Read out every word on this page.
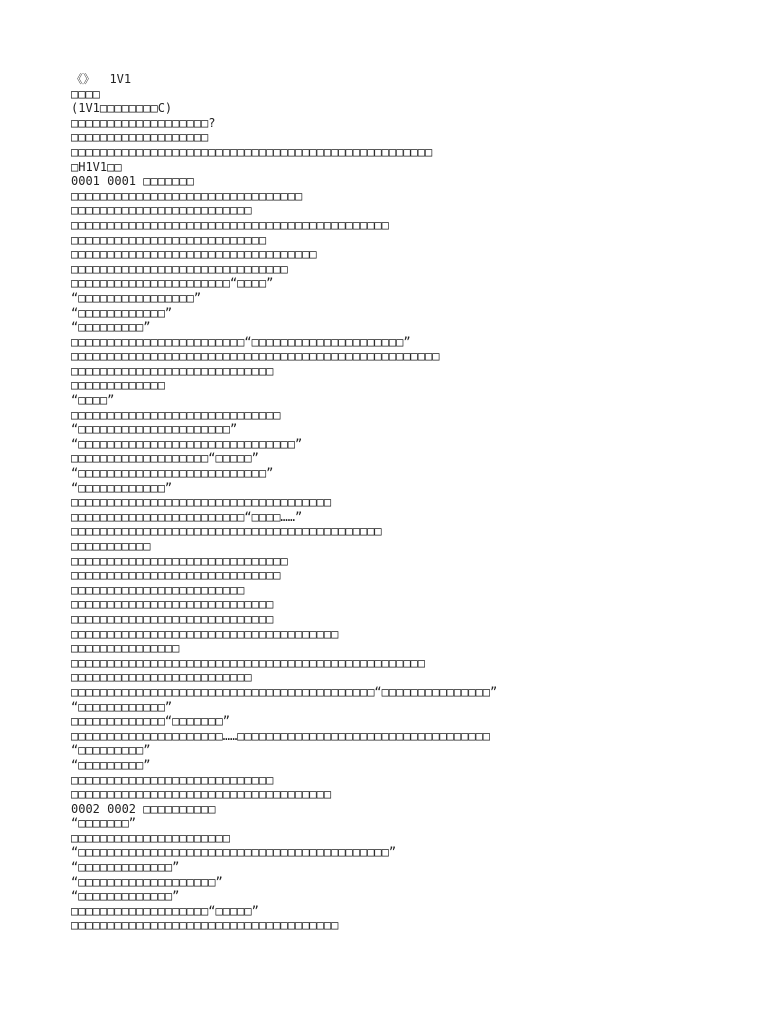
《》  1V1
□□□□
(1V1□□□□□□□□C)
□□□□□□□□□□□□□□□□□□□?
□□□□□□□□□□□□□□□□□□□
□□□□□□□□□□□□□□□□□□□□□□□□□□□□□□□□□□□□□□□□□□□□□□□□□□
□H1V1□□
0001 0001 □□□□□□□
□□□□□□□□□□□□□□□□□□□□□□□□□□□□□□□□
□□□□□□□□□□□□□□□□□□□□□□□□□
□□□□□□□□□□□□□□□□□□□□□□□□□□□□□□□□□□□□□□□□□□□□
□□□□□□□□□□□□□□□□□□□□□□□□□□□
□□□□□□□□□□□□□□□□□□□□□□□□□□□□□□□□□□
□□□□□□□□□□□□□□□□□□□□□□□□□□□□□□
□□□□□□□□□□□□□□□□□□□□□□“□□□□”
“□□□□□□□□□□□□□□□□”
“□□□□□□□□□□□□”
“□□□□□□□□□”
□□□□□□□□□□□□□□□□□□□□□□□□“□□□□□□□□□□□□□□□□□□□□□”
□□□□□□□□□□□□□□□□□□□□□□□□□□□□□□□□□□□□□□□□□□□□□□□□□□□
□□□□□□□□□□□□□□□□□□□□□□□□□□□□
□□□□□□□□□□□□□
“□□□□”
□□□□□□□□□□□□□□□□□□□□□□□□□□□□□
“□□□□□□□□□□□□□□□□□□□□□”
“□□□□□□□□□□□□□□□□□□□□□□□□□□□□□□”
□□□□□□□□□□□□□□□□□□□“□□□□□”
“□□□□□□□□□□□□□□□□□□□□□□□□□□”
“□□□□□□□□□□□□”
□□□□□□□□□□□□□□□□□□□□□□□□□□□□□□□□□□□□
□□□□□□□□□□□□□□□□□□□□□□□□“□□□□……”
□□□□□□□□□□□□□□□□□□□□□□□□□□□□□□□□□□□□□□□□□□□
□□□□□□□□□□□
□□□□□□□□□□□□□□□□□□□□□□□□□□□□□□
□□□□□□□□□□□□□□□□□□□□□□□□□□□□□
□□□□□□□□□□□□□□□□□□□□□□□□
□□□□□□□□□□□□□□□□□□□□□□□□□□□□
□□□□□□□□□□□□□□□□□□□□□□□□□□□□
□□□□□□□□□□□□□□□□□□□□□□□□□□□□□□□□□□□□□
□□□□□□□□□□□□□□□
□□□□□□□□□□□□□□□□□□□□□□□□□□□□□□□□□□□□□□□□□□□□□□□□□
□□□□□□□□□□□□□□□□□□□□□□□□□
□□□□□□□□□□□□□□□□□□□□□□□□□□□□□□□□□□□□□□□□□□“□□□□□□□□□□□□□□□”
“□□□□□□□□□□□□”
□□□□□□□□□□□□□“□□□□□□□”
□□□□□□□□□□□□□□□□□□□□□……□□□□□□□□□□□□□□□□□□□□□□□□□□□□□□□□□□□
“□□□□□□□□□”
“□□□□□□□□□”
□□□□□□□□□□□□□□□□□□□□□□□□□□□□
□□□□□□□□□□□□□□□□□□□□□□□□□□□□□□□□□□□□
0002 0002 □□□□□□□□□□
“□□□□□□□”
□□□□□□□□□□□□□□□□□□□□□□
“□□□□□□□□□□□□□□□□□□□□□□□□□□□□□□□□□□□□□□□□□□□”
“□□□□□□□□□□□□□”
“□□□□□□□□□□□□□□□□□□□”
“□□□□□□□□□□□□□”
□□□□□□□□□□□□□□□□□□□“□□□□□”
□□□□□□□□□□□□□□□□□□□□□□□□□□□□□□□□□□□□□
